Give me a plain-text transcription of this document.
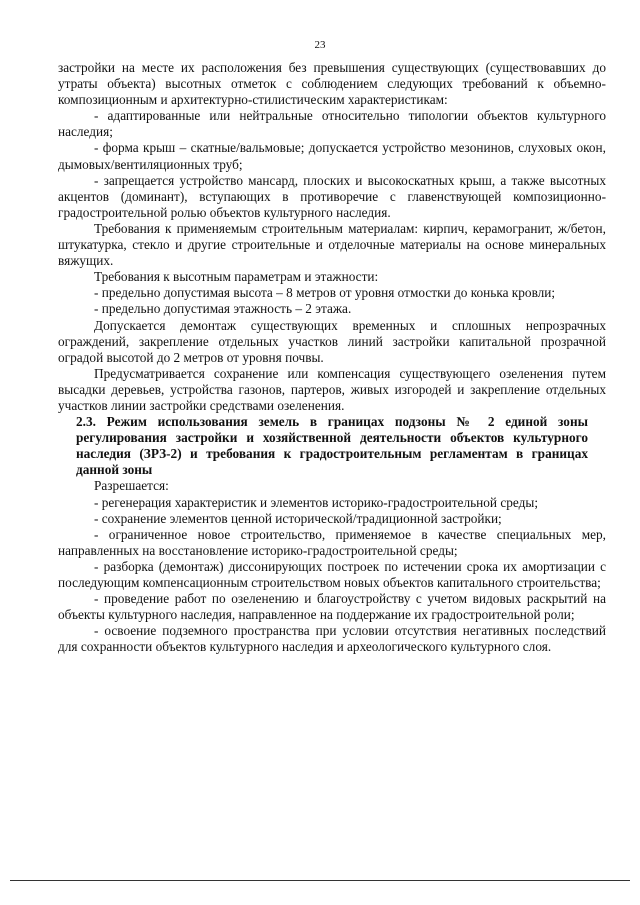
23

застройки на месте их расположения без превышения существующих (существовавших до утраты объекта) высотных отметок с соблюдением следующих требований к объемно-композиционным и архитектурно-стилистическим характеристикам:

- адаптированные или нейтральные относительно типологии объектов культурного наследия;

- форма крыш – скатные/вальмовые; допускается устройство мезонинов, слуховых окон, дымовых/вентиляционных труб;

- запрещается устройство мансард, плоских и высокоскатных крыш, а также высотных акцентов (доминант), вступающих в противоречие с главенствующей композиционно-градостроительной ролью объектов культурного наследия.

Требования к применяемым строительным материалам: кирпич, керамогранит, ж/бетон, штукатурка, стекло и другие строительные и отделочные материалы на основе минеральных вяжущих.

Требования к высотным параметрам и этажности:

- предельно допустимая высота – 8 метров от уровня отмостки до конька кровли;

- предельно допустимая этажность – 2 этажа.

Допускается демонтаж существующих временных и сплошных непрозрачных ограждений, закрепление отдельных участков линий застройки капитальной прозрачной оградой высотой до 2 метров от уровня почвы.

Предусматривается сохранение или компенсация существующего озеленения путем высадки деревьев, устройства газонов, партеров, живых изгородей и закрепление отдельных участков линии застройки средствами озеленения.

2.3. Режим использования земель в границах подзоны № 2 единой зоны регулирования застройки и хозяйственной деятельности объектов культурного наследия (ЗРЗ-2) и требования к градостроительным регламентам в границах данной зоны

Разрешается:

- регенерация характеристик и элементов историко-градостроительной среды;

- сохранение элементов ценной исторической/традиционной застройки;

- ограниченное новое строительство, применяемое в качестве специальных мер, направленных на восстановление историко-градостроительной среды;

- разборка (демонтаж) диссонирующих построек по истечении срока их амортизации с последующим компенсационным строительством новых объектов капитального строительства;

- проведение работ по озеленению и благоустройству с учетом видовых раскрытий на объекты культурного наследия, направленное на поддержание их градостроительной роли;

- освоение подземного пространства при условии отсутствия негативных последствий для сохранности объектов культурного наследия и археологического культурного слоя.
